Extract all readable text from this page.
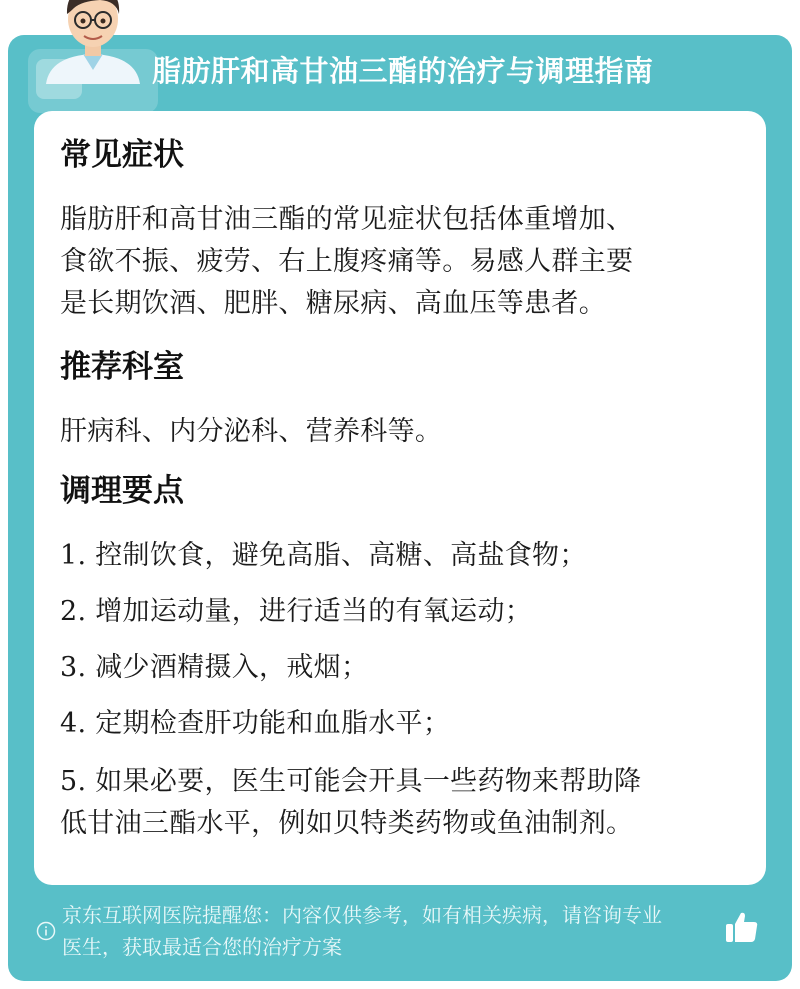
脂肪肝和高甘油三酯的治疗与调理指南
常见症状
脂肪肝和高甘油三酯的常见症状包括体重增加、
食欲不振、疲劳、右上腹疼痛等。易感人群主要
是长期饮酒、肥胖、糖尿病、高血压等患者。
推荐科室
肝病科、内分泌科、营养科等。
调理要点
1. 控制饮食，避免高脂、高糖、高盐食物；
2. 增加运动量，进行适当的有氧运动；
3. 减少酒精摄入，戒烟；
4. 定期检查肝功能和血脂水平；
5. 如果必要，医生可能会开具一些药物来帮助降
低甘油三酯水平，例如贝特类药物或鱼油制剂。
京东互联网医院提醒您：内容仅供参考，如有相关疾病，请咨询专业
医生，获取最适合您的治疗方案
